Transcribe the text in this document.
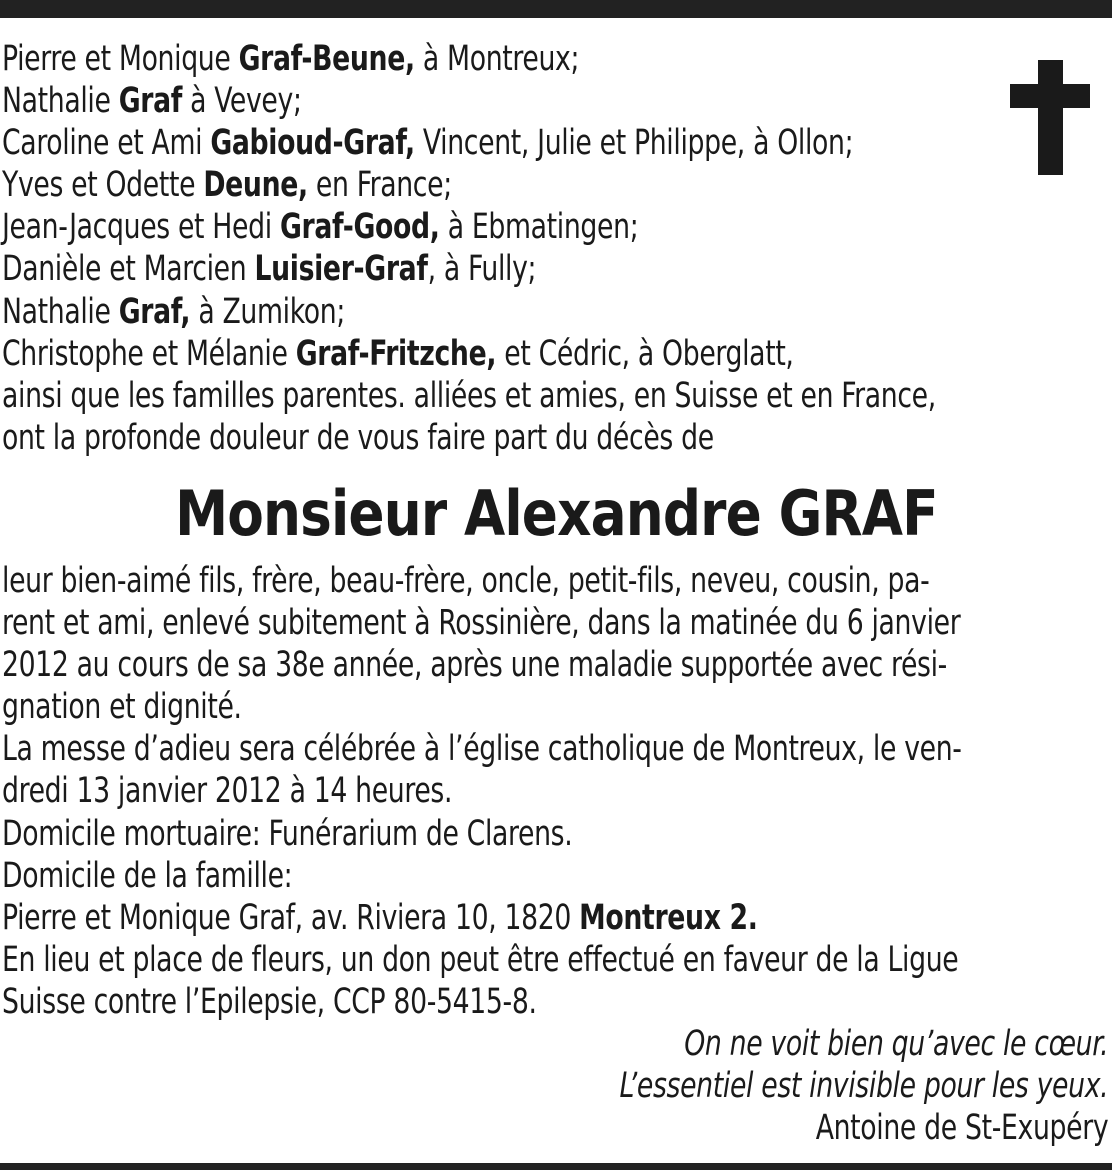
Pierre et Monique Graf-Beune, à Montreux;
Nathalie Graf à Vevey;
Caroline et Ami Gabioud-Graf, Vincent, Julie et Philippe, à Ollon;
Yves et Odette Deune, en France;
Jean-Jacques et Hedi Graf-Good, à Ebmatingen;
Danièle et Marcien Luisier-Graf, à Fully;
Nathalie Graf, à Zumikon;
Christophe et Mélanie Graf-Fritzche, et Cédric, à Oberglatt,
ainsi que les familles parentes. alliées et amies, en Suisse et en France,
ont la profonde douleur de vous faire part du décès de
Monsieur Alexandre GRAF
leur bien-aimé fils, frère, beau-frère, oncle, petit-fils, neveu, cousin, pa-
rent et ami, enlevé subitement à Rossinière, dans la matinée du 6 janvier
2012 au cours de sa 38e année, après une maladie supportée avec rési-
gnation et dignité.
La messe d’adieu sera célébrée à l’église catholique de Montreux, le ven-
dredi 13 janvier 2012 à 14 heures.
Domicile mortuaire: Funérarium de Clarens.
Domicile de la famille:
Pierre et Monique Graf, av. Riviera 10, 1820 Montreux 2.
En lieu et place de fleurs, un don peut être effectué en faveur de la Ligue
Suisse contre l’Epilepsie, CCP 80-5415-8.
On ne voit bien qu’avec le cœur.
L’essentiel est invisible pour les yeux.
Antoine de St-Exupéry
